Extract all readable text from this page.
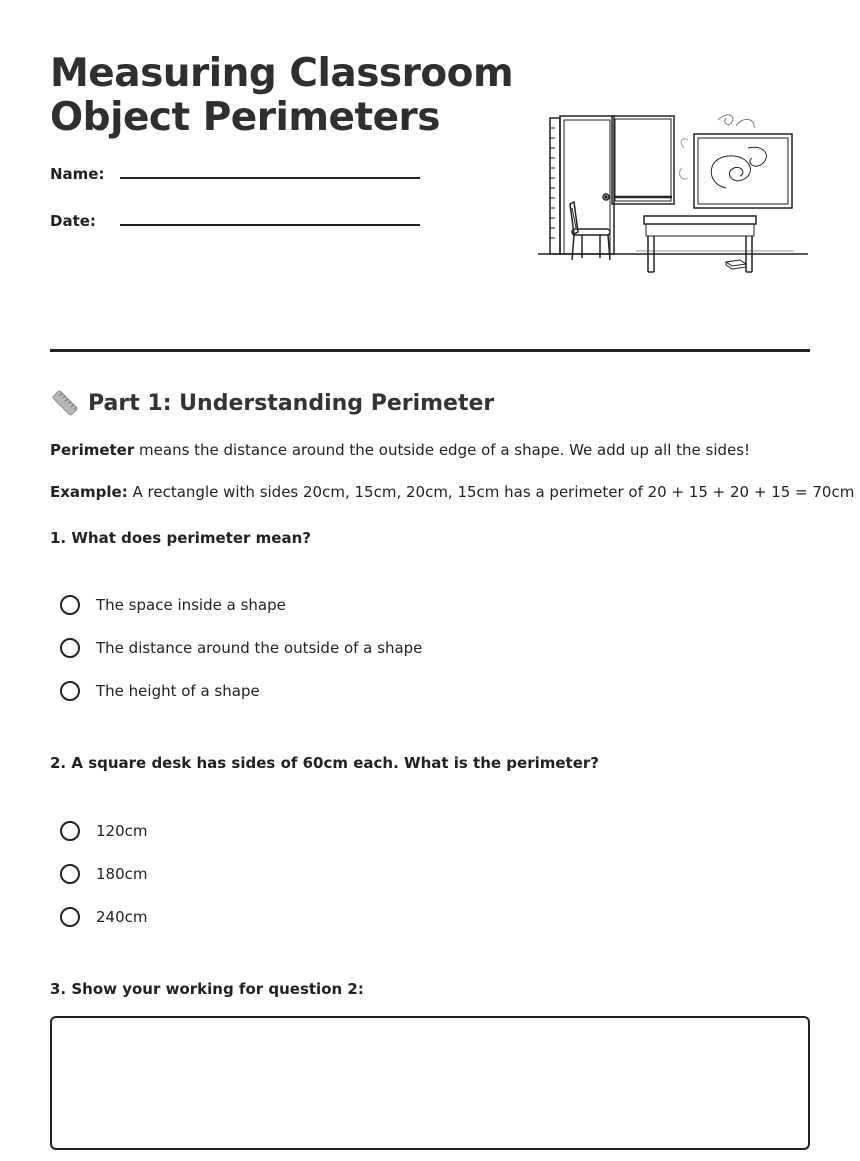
Measuring Classroom
Object Perimeters
Name:
Date:
Part 1: Understanding Perimeter

Perimeter means the distance around the outside edge of a shape. We add up all the sides!

Example: A rectangle with sides 20cm, 15cm, 20cm, 15cm has a perimeter of 20 + 15 + 20 + 15 = 70cm

1. What does perimeter mean?

The space inside a shape
The distance around the outside of a shape
The height of a shape

2. A square desk has sides of 60cm each. What is the perimeter?

120cm
180cm
240cm

3. Show your working for question 2:
